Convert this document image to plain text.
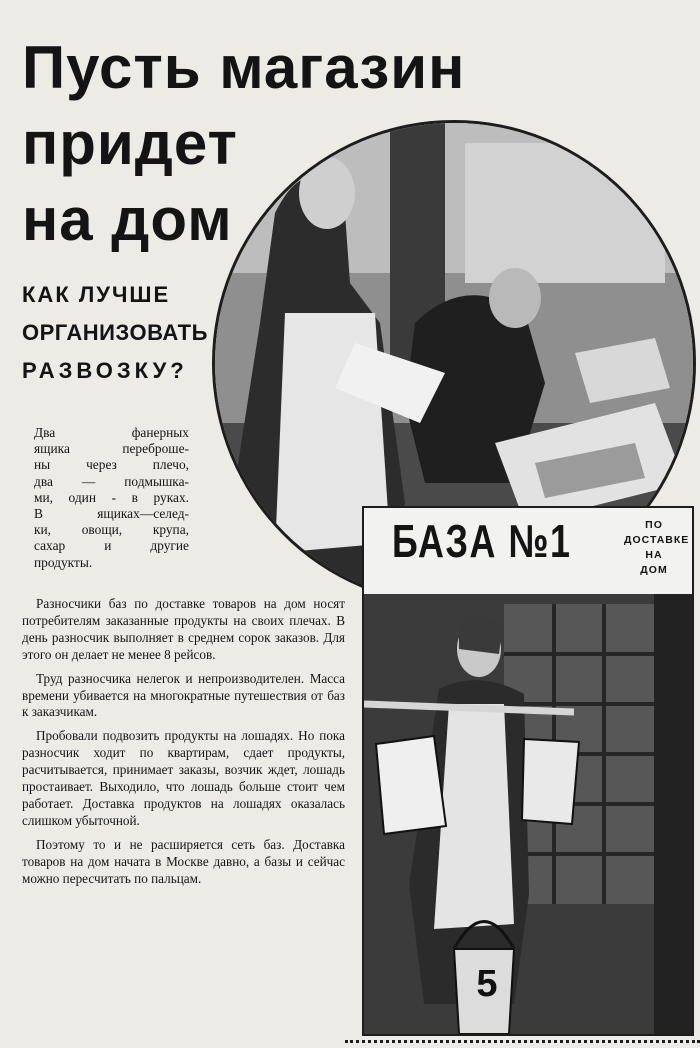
Пусть магазин
придет
на дом
КАК ЛУЧШЕ
ОРГАНИЗОВАТЬ
РАЗВОЗКУ?
Два фанерных
ящика переброше-
ны через плечо,
два — подмышка-
ми, один - в руках.
В ящиках—селед-
ки, овощи, крупа,
сахар и другие
продукты.	БАЗА №1	ПО
ДОСТАВКЕ
НА
ДОМ
5

Разносчики баз по доставке товаров на дом носят потребителям заказанные продукты на своих плечах. В день разносчик выполняет в среднем сорок заказов. Для этого он делает не менее 8 рейсов.

Труд разносчика нелегок и непроизводителен. Масса времени убивается на многократные путешествия от баз к заказчикам.

Пробовали подвозить продукты на лошадях. Но пока разносчик ходит по квартирам, сдает продукты, расчитывается, принимает заказы, возчик ждет, лошадь простаивает. Выходило, что лошадь больше стоит чем работает. Доставка продуктов на лошадях оказалась слишком убыточной.

Поэтому то и не расширяется сеть баз. Доставка товаров на дом начата в Москве давно, а базы и сейчас можно пересчитать по пальцам.
